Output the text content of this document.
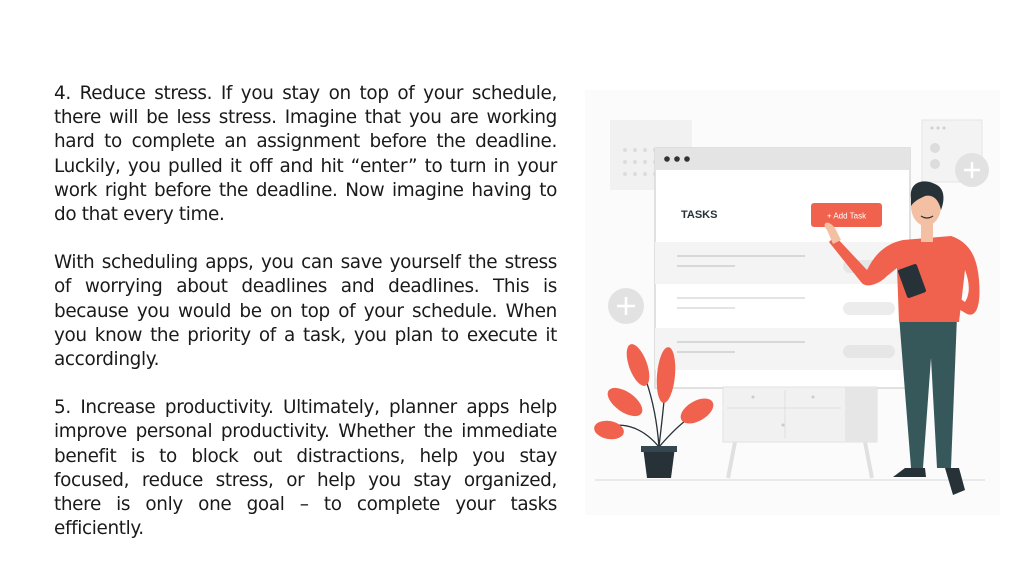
4. Reduce stress. If you stay on top of your schedule, there will be less stress. Imagine that you are working hard to complete an assignment before the deadline. Luckily, you pulled it off and hit “enter” to turn in your work right before the deadline. Now imagine having to do that every time.

With scheduling apps, you can save yourself the stress of worrying about deadlines and deadlines. This is because you would be on top of your schedule. When you know the priority of a task, you plan to execute it accordingly.

5. Increase productivity. Ultimately, planner apps help improve personal productivity. Whether the immediate benefit is to block out distractions, help you stay focused, reduce stress, or help you stay organized, there is only one goal – to complete your tasks efficiently.

TASKS	+ Add Task
